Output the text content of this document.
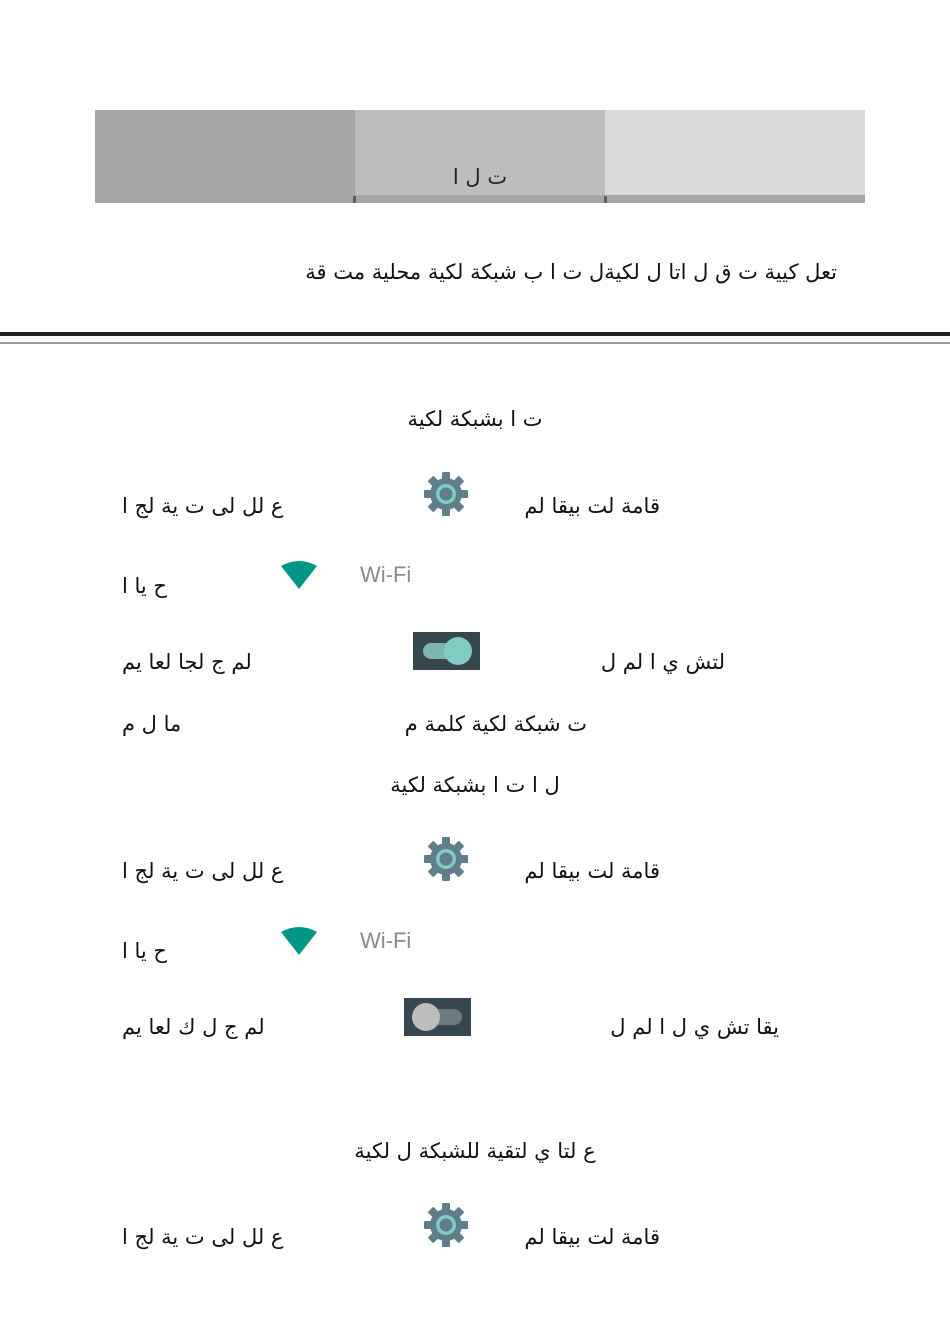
ت ل ا
تعل كيية ت ق ل اتا ل لكيةل ت ا ب شبكة لكية محلية مت قة
ت ا بشبكة لكية
ع لل لى ت ية لج ا	قامة لت بيقا لم
ح يا ا	Wi-Fi
لم ج لجا لعا يم	لتش ي ا لم ل
ما ل م	ت شبكة لكية كلمة م
ل ا ت ا بشبكة لكية
ع لل لى ت ية لج ا	قامة لت بيقا لم
ح يا ا	Wi-Fi
لم ج ل ك لعا يم	يقا تش ي ل ا لم ل
ع لتا ي لتقية للشبكة ل لكية
ع لل لى ت ية لج ا	قامة لت بيقا لم
